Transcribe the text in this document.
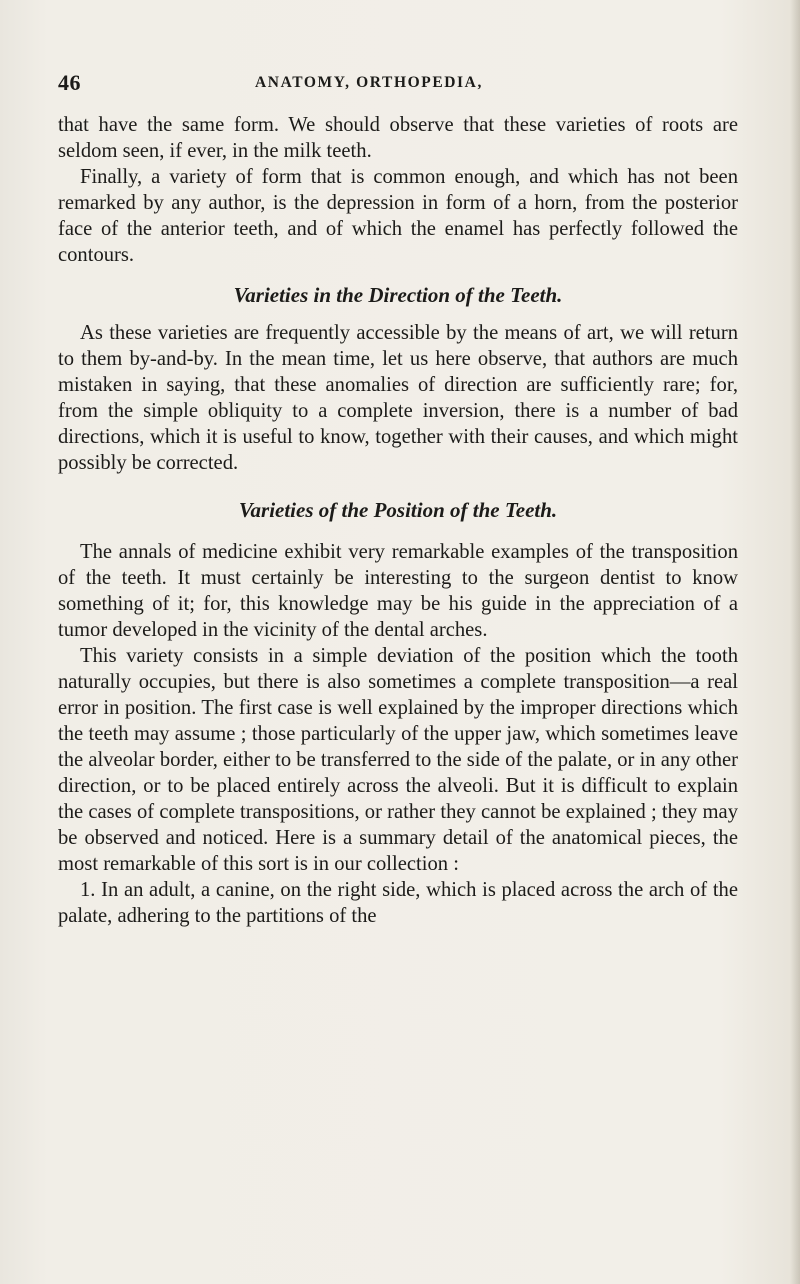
46	ANATOMY, ORTHOPEDIA,

that have the same form. We should observe that these varieties of roots are seldom seen, if ever, in the milk teeth.

Finally, a variety of form that is common enough, and which has not been remarked by any author, is the depression in form of a horn, from the posterior face of the anterior teeth, and of which the enamel has perfectly followed the contours.

Varieties in the Direction of the Teeth.

As these varieties are frequently accessible by the means of art, we will return to them by-and-by. In the mean time, let us here observe, that authors are much mistaken in saying, that these anomalies of direction are sufficiently rare; for, from the simple obliquity to a complete inversion, there is a number of bad directions, which it is useful to know, together with their causes, and which might possibly be corrected.

Varieties of the Position of the Teeth.

The annals of medicine exhibit very remarkable examples of the transposition of the teeth. It must certainly be interesting to the surgeon dentist to know something of it; for, this knowledge may be his guide in the appreciation of a tumor developed in the vicinity of the dental arches.

This variety consists in a simple deviation of the position which the tooth naturally occupies, but there is also sometimes a complete transposition—a real error in position. The first case is well explained by the improper directions which the teeth may assume ; those particularly of the upper jaw, which sometimes leave the alveolar border, either to be transferred to the side of the palate, or in any other direction, or to be placed entirely across the alveoli. But it is difficult to explain the cases of complete transpositions, or rather they cannot be explained ; they may be observed and noticed. Here is a summary detail of the anatomical pieces, the most remarkable of this sort is in our collection :

1. In an adult, a canine, on the right side, which is placed across the arch of the palate, adhering to the partitions of the
